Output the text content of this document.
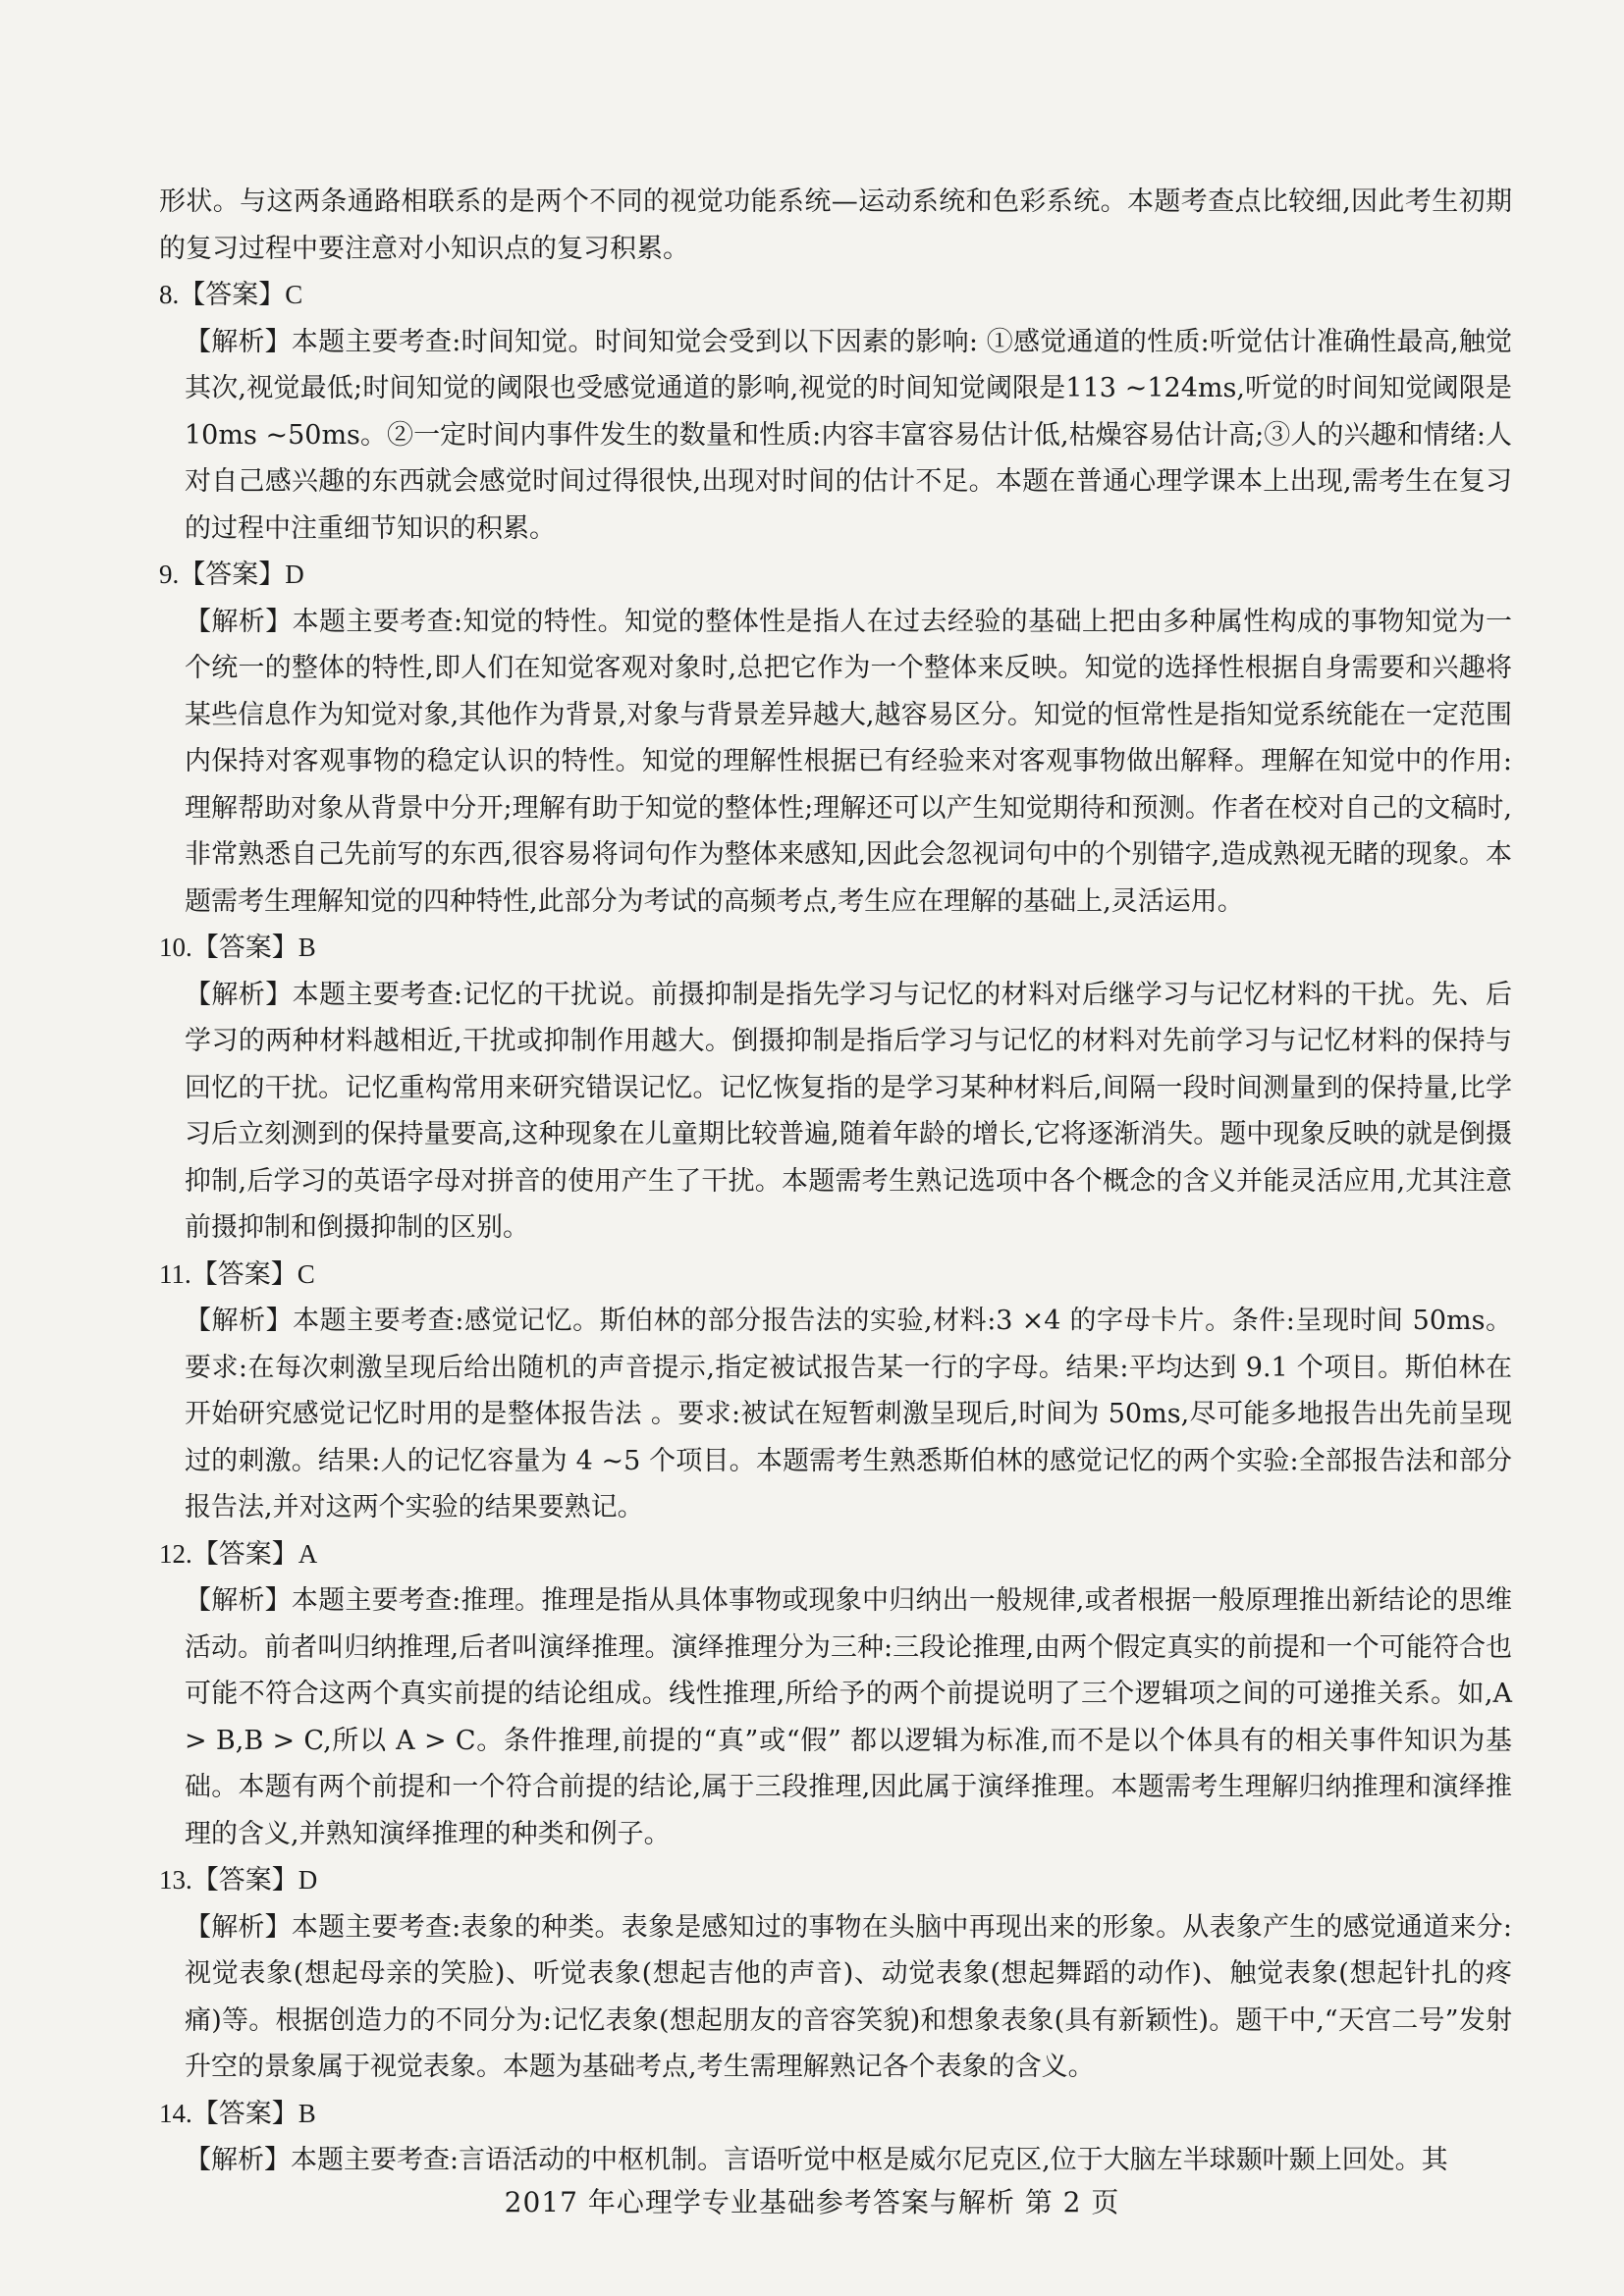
形状。与这两条通路相联系的是两个不同的视觉功能系统—运动系统和色彩系统。本题考查点比较细,因此考生初期的复习过程中要注意对小知识点的复习积累。

8.【答案】C

【解析】本题主要考查:时间知觉。时间知觉会受到以下因素的影响: ①感觉通道的性质:听觉估计准确性最高,触觉其次,视觉最低;时间知觉的阈限也受感觉通道的影响,视觉的时间知觉阈限是113 ~124ms,听觉的时间知觉阈限是10ms ~50ms。②一定时间内事件发生的数量和性质:内容丰富容易估计低,枯燥容易估计高;③人的兴趣和情绪:人对自己感兴趣的东西就会感觉时间过得很快,出现对时间的估计不足。本题在普通心理学课本上出现,需考生在复习的过程中注重细节知识的积累。

9.【答案】D

【解析】本题主要考查:知觉的特性。知觉的整体性是指人在过去经验的基础上把由多种属性构成的事物知觉为一个统一的整体的特性,即人们在知觉客观对象时,总把它作为一个整体来反映。知觉的选择性根据自身需要和兴趣将某些信息作为知觉对象,其他作为背景,对象与背景差异越大,越容易区分。知觉的恒常性是指知觉系统能在一定范围内保持对客观事物的稳定认识的特性。知觉的理解性根据已有经验来对客观事物做出解释。理解在知觉中的作用:理解帮助对象从背景中分开;理解有助于知觉的整体性;理解还可以产生知觉期待和预测。作者在校对自己的文稿时,非常熟悉自己先前写的东西,很容易将词句作为整体来感知,因此会忽视词句中的个别错字,造成熟视无睹的现象。本题需考生理解知觉的四种特性,此部分为考试的高频考点,考生应在理解的基础上,灵活运用。

10.【答案】B

【解析】本题主要考查:记忆的干扰说。前摄抑制是指先学习与记忆的材料对后继学习与记忆材料的干扰。先、后学习的两种材料越相近,干扰或抑制作用越大。倒摄抑制是指后学习与记忆的材料对先前学习与记忆材料的保持与回忆的干扰。记忆重构常用来研究错误记忆。记忆恢复指的是学习某种材料后,间隔一段时间测量到的保持量,比学习后立刻测到的保持量要高,这种现象在儿童期比较普遍,随着年龄的增长,它将逐渐消失。题中现象反映的就是倒摄抑制,后学习的英语字母对拼音的使用产生了干扰。本题需考生熟记选项中各个概念的含义并能灵活应用,尤其注意前摄抑制和倒摄抑制的区别。

11.【答案】C

【解析】本题主要考查:感觉记忆。斯伯林的部分报告法的实验,材料:3 ×4 的字母卡片。条件:呈现时间 50ms。要求:在每次刺激呈现后给出随机的声音提示,指定被试报告某一行的字母。结果:平均达到 9.1 个项目。斯伯林在开始研究感觉记忆时用的是整体报告法 。要求:被试在短暂刺激呈现后,时间为 50ms,尽可能多地报告出先前呈现过的刺激。结果:人的记忆容量为 4 ~5 个项目。本题需考生熟悉斯伯林的感觉记忆的两个实验:全部报告法和部分报告法,并对这两个实验的结果要熟记。

12.【答案】A

【解析】本题主要考查:推理。推理是指从具体事物或现象中归纳出一般规律,或者根据一般原理推出新结论的思维活动。前者叫归纳推理,后者叫演绎推理。演绎推理分为三种:三段论推理,由两个假定真实的前提和一个可能符合也可能不符合这两个真实前提的结论组成。线性推理,所给予的两个前提说明了三个逻辑项之间的可递推关系。如,A > B,B > C,所以 A > C。条件推理,前提的“真”或“假” 都以逻辑为标准,而不是以个体具有的相关事件知识为基础。本题有两个前提和一个符合前提的结论,属于三段推理,因此属于演绎推理。本题需考生理解归纳推理和演绎推理的含义,并熟知演绎推理的种类和例子。

13.【答案】D

【解析】本题主要考查:表象的种类。表象是感知过的事物在头脑中再现出来的形象。从表象产生的感觉通道来分:视觉表象(想起母亲的笑脸)、听觉表象(想起吉他的声音)、动觉表象(想起舞蹈的动作)、触觉表象(想起针扎的疼痛)等。根据创造力的不同分为:记忆表象(想起朋友的音容笑貌)和想象表象(具有新颖性)。题干中,“天宫二号”发射升空的景象属于视觉表象。本题为基础考点,考生需理解熟记各个表象的含义。

14.【答案】B

【解析】本题主要考查:言语活动的中枢机制。言语听觉中枢是威尔尼克区,位于大脑左半球颞叶颞上回处。其

2017 年心理学专业基础参考答案与解析 第 2 页
